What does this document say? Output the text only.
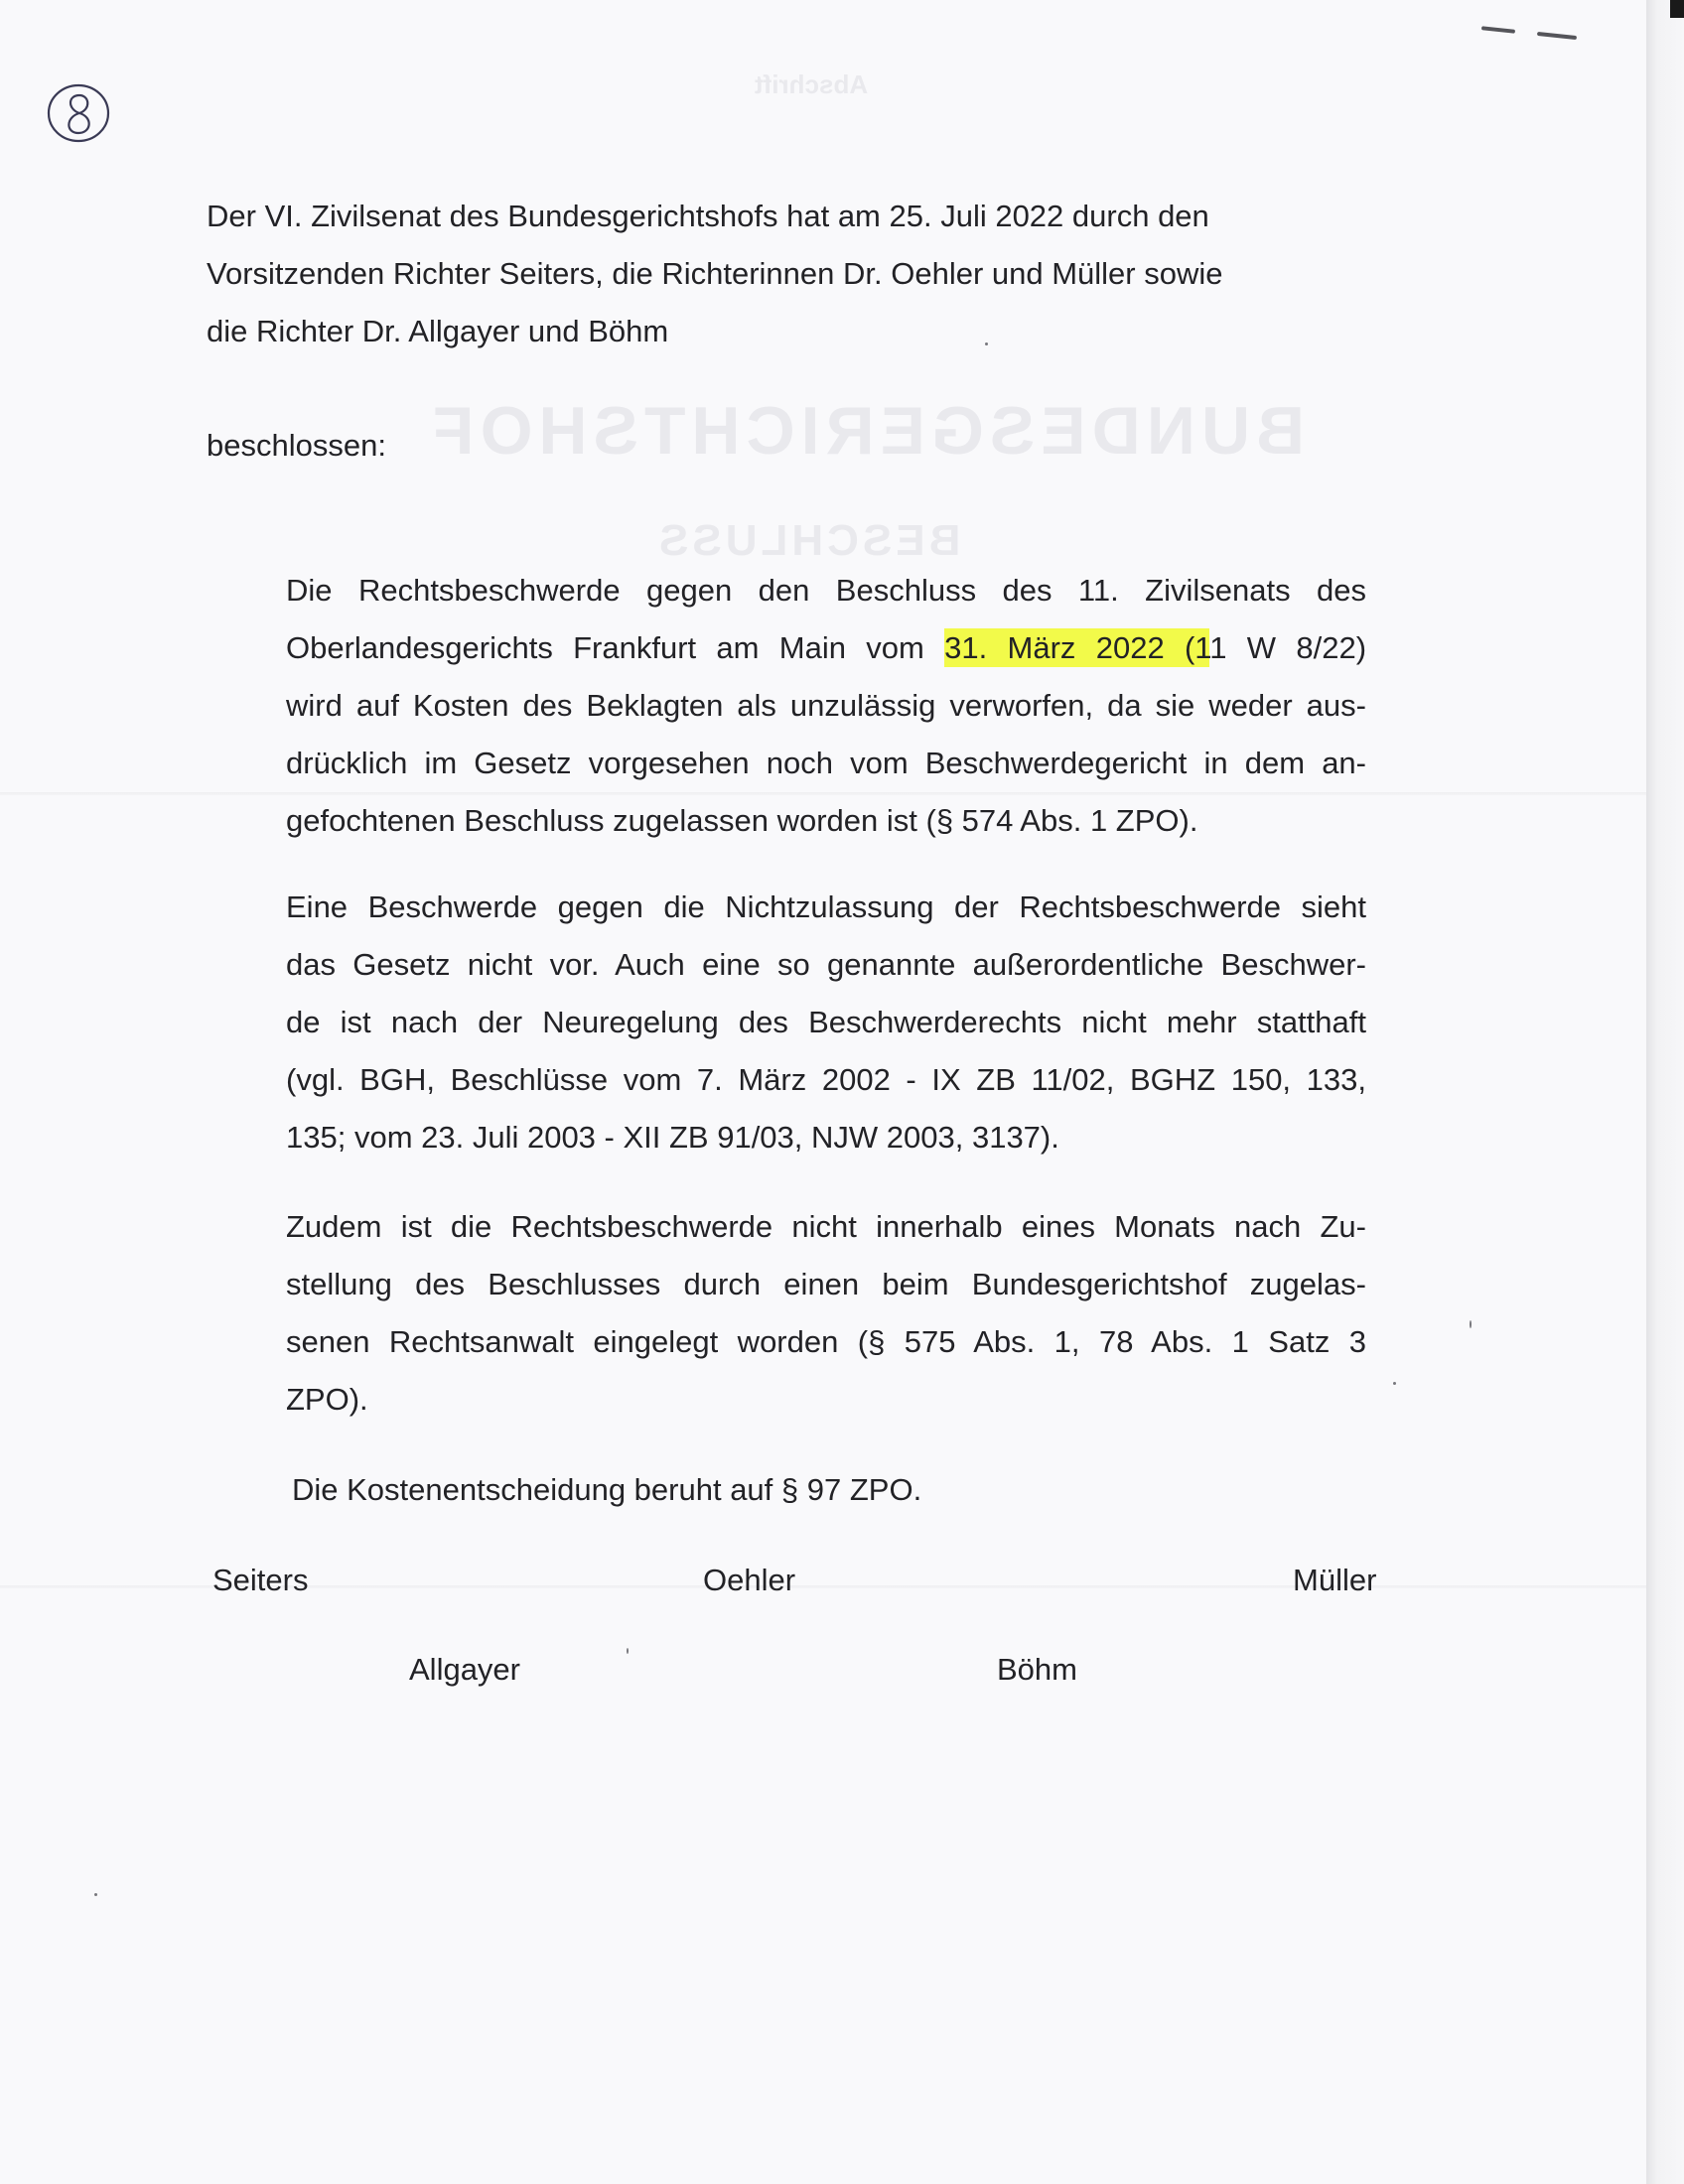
BUNDESGERICHTSHOF
BESCHLUSS
Abschrift
Der VI. Zivilsenat des Bundesgerichtshofs hat am 25. Juli 2022 durch den
Vorsitzenden Richter Seiters, die Richterinnen Dr. Oehler und Müller sowie
die Richter Dr. Allgayer und Böhm
beschlossen:
Die Rechtsbeschwerde gegen den Beschluss des 11. Zivilsenats des
Oberlandesgerichts Frankfurt am Main vom 31. März 2022 (11 W 8/22)
wird auf Kosten des Beklagten als unzulässig verworfen, da sie weder aus-
drücklich im Gesetz vorgesehen noch vom Beschwerdegericht in dem an-
gefochtenen Beschluss zugelassen worden ist (§ 574 Abs. 1 ZPO).
Eine Beschwerde gegen die Nichtzulassung der Rechtsbeschwerde sieht
das Gesetz nicht vor. Auch eine so genannte außerordentliche Beschwer-
de ist nach der Neuregelung des Beschwerderechts nicht mehr statthaft
(vgl. BGH, Beschlüsse vom 7. März 2002 - IX ZB 11/02, BGHZ 150, 133,
135; vom 23. Juli 2003 - XII ZB 91/03, NJW 2003, 3137).
Zudem ist die Rechtsbeschwerde nicht innerhalb eines Monats nach Zu-
stellung des Beschlusses durch einen beim Bundesgerichtshof zugelas-
senen Rechtsanwalt eingelegt worden (§ 575 Abs. 1, 78 Abs. 1 Satz 3
ZPO).
Die Kostenentscheidung beruht auf § 97 ZPO.
Seiters	Oehler	Müller
Allgayer	Böhm
